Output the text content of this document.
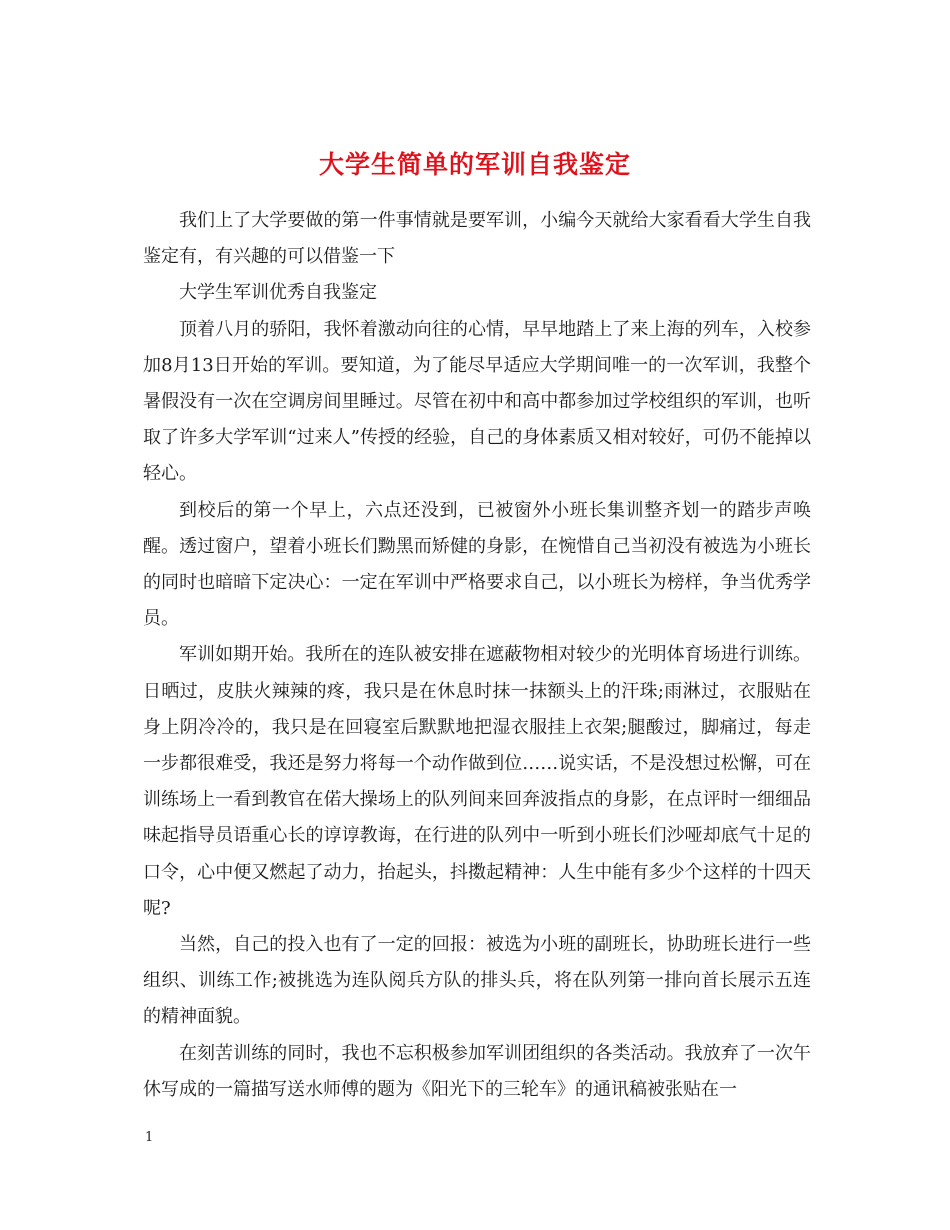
大学生简单的军训自我鉴定

我们上了大学要做的第一件事情就是要军训，小编今天就给大家看看大学生自我鉴定有，有兴趣的可以借鉴一下

大学生军训优秀自我鉴定

顶着八月的骄阳，我怀着激动向往的心情，早早地踏上了来上海的列车，入校参加8月13日开始的军训。要知道，为了能尽早适应大学期间唯一的一次军训，我整个暑假没有一次在空调房间里睡过。尽管在初中和高中都参加过学校组织的军训，也听取了许多大学军训“过来人”传授的经验，自己的身体素质又相对较好，可仍不能掉以轻心。

到校后的第一个早上，六点还没到，已被窗外小班长集训整齐划一的踏步声唤醒。透过窗户，望着小班长们黝黑而矫健的身影，在惋惜自己当初没有被选为小班长的同时也暗暗下定决心：一定在军训中严格要求自己，以小班长为榜样，争当优秀学员。

军训如期开始。我所在的连队被安排在遮蔽物相对较少的光明体育场进行训练。日晒过，皮肤火辣辣的疼，我只是在休息时抹一抹额头上的汗珠;雨淋过，衣服贴在身上阴冷冷的，我只是在回寝室后默默地把湿衣服挂上衣架;腿酸过，脚痛过，每走一步都很难受，我还是努力将每一个动作做到位……说实话，不是没想过松懈，可在训练场上一看到教官在偌大操场上的队列间来回奔波指点的身影，在点评时一细细品味起指导员语重心长的谆谆教诲，在行进的队列中一听到小班长们沙哑却底气十足的口令，心中便又燃起了动力，抬起头，抖擞起精神：人生中能有多少个这样的十四天呢?

当然，自己的投入也有了一定的回报：被选为小班的副班长，协助班长进行一些组织、训练工作;被挑选为连队阅兵方队的排头兵，将在队列第一排向首长展示五连的精神面貌。

在刻苦训练的同时，我也不忘积极参加军训团组织的各类活动。我放弃了一次午休写成的一篇描写送水师傅的题为《阳光下的三轮车》的通讯稿被张贴在一

1
